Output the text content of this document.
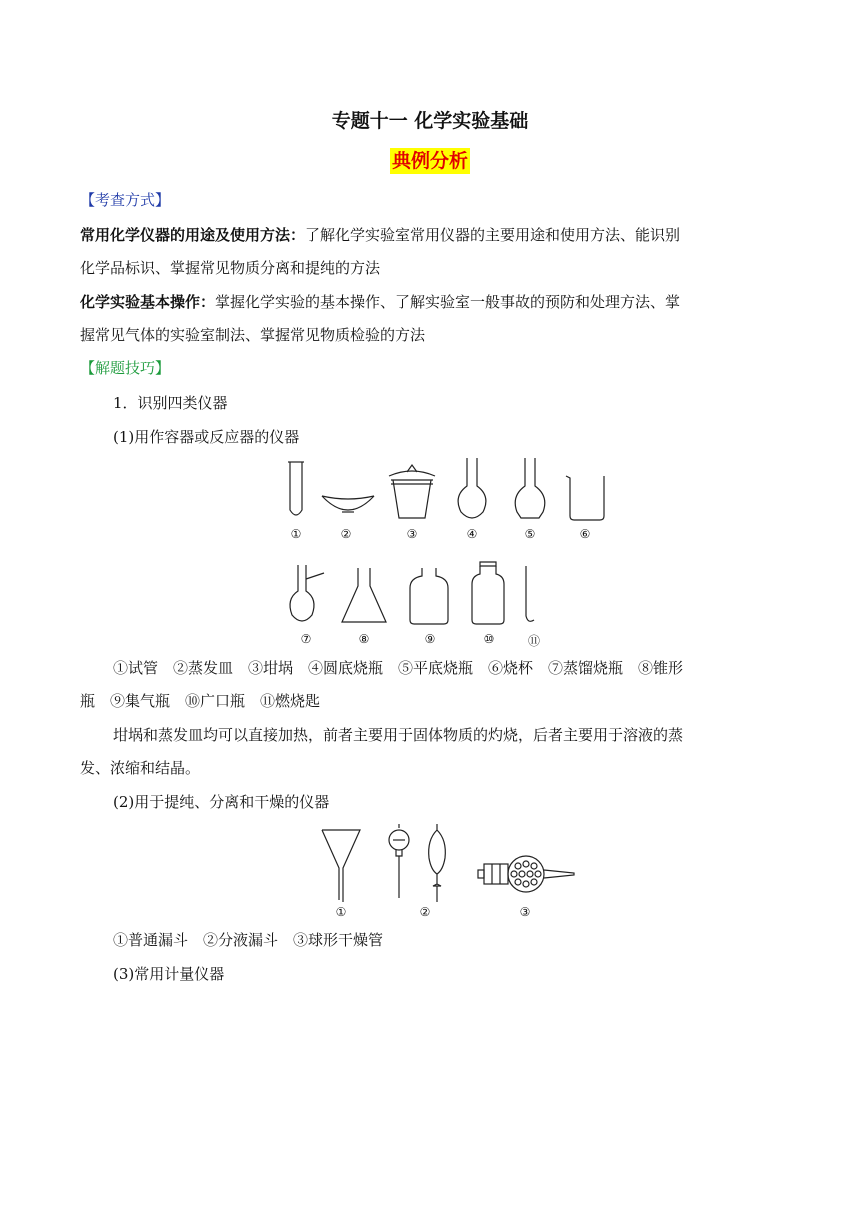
专题十一 化学实验基础
典例分析
【考查方式】
常用化学仪器的用途及使用方法：了解化学实验室常用仪器的主要用途和使用方法、能识别
化学品标识、掌握常见物质分离和提纯的方法
化学实验基本操作：掌握化学实验的基本操作、了解实验室一般事故的预防和处理方法、掌
握常见气体的实验室制法、掌握常见物质检验的方法
【解题技巧】
1．识别四类仪器
(1)用作容器或反应器的仪器
①	②	③	④	⑤	⑥
⑦	⑧	⑨	⑩	⑪
①试管　②蒸发皿　③坩埚　④圆底烧瓶　⑤平底烧瓶　⑥烧杯　⑦蒸馏烧瓶　⑧锥形
瓶　⑨集气瓶　⑩广口瓶　⑪燃烧匙
坩埚和蒸发皿均可以直接加热，前者主要用于固体物质的灼烧，后者主要用于溶液的蒸
发、浓缩和结晶。
(2)用于提纯、分离和干燥的仪器
①	②	③
①普通漏斗　②分液漏斗　③球形干燥管
(3)常用计量仪器
